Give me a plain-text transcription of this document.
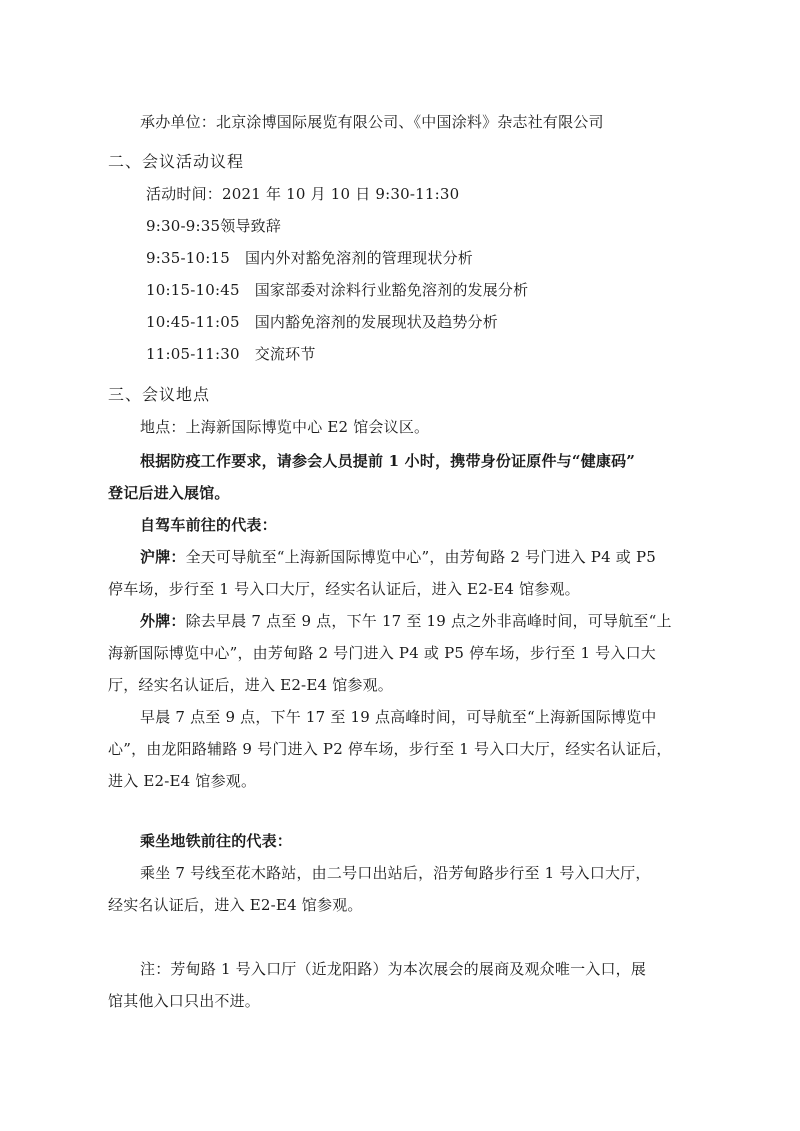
承办单位：北京涂博国际展览有限公司、《中国涂料》杂志社有限公司
二、会议活动议程
活动时间：2021 年 10 月 10 日 9:30-11:30
9:30-9:35领导致辞
9:35-10:15 国内外对豁免溶剂的管理现状分析
10:15-10:45 国家部委对涂料行业豁免溶剂的发展分析
10:45-11:05 国内豁免溶剂的发展现状及趋势分析
11:05-11:30 交流环节
三、会议地点
地点：上海新国际博览中心 E2 馆会议区。
根据防疫工作要求，请参会人员提前 1 小时，携带身份证原件与“健康码”
登记后进入展馆。
自驾车前往的代表：
沪牌：全天可导航至“上海新国际博览中心”，由芳甸路 2 号门进入 P4 或 P5
停车场，步行至 1 号入口大厅，经实名认证后，进入 E2-E4 馆参观。
外牌：除去早晨 7 点至 9 点，下午 17 至 19 点之外非高峰时间，可导航至“上
海新国际博览中心”，由芳甸路 2 号门进入 P4 或 P5 停车场，步行至 1 号入口大
厅，经实名认证后，进入 E2-E4 馆参观。
早晨 7 点至 9 点，下午 17 至 19 点高峰时间，可导航至“上海新国际博览中
心”，由龙阳路辅路 9 号门进入 P2 停车场，步行至 1 号入口大厅，经实名认证后，
进入 E2-E4 馆参观。
乘坐地铁前往的代表：
乘坐 7 号线至花木路站，由二号口出站后，沿芳甸路步行至 1 号入口大厅，
经实名认证后，进入 E2-E4 馆参观。
注：芳甸路 1 号入口厅（近龙阳路）为本次展会的展商及观众唯一入口，展
馆其他入口只出不进。
